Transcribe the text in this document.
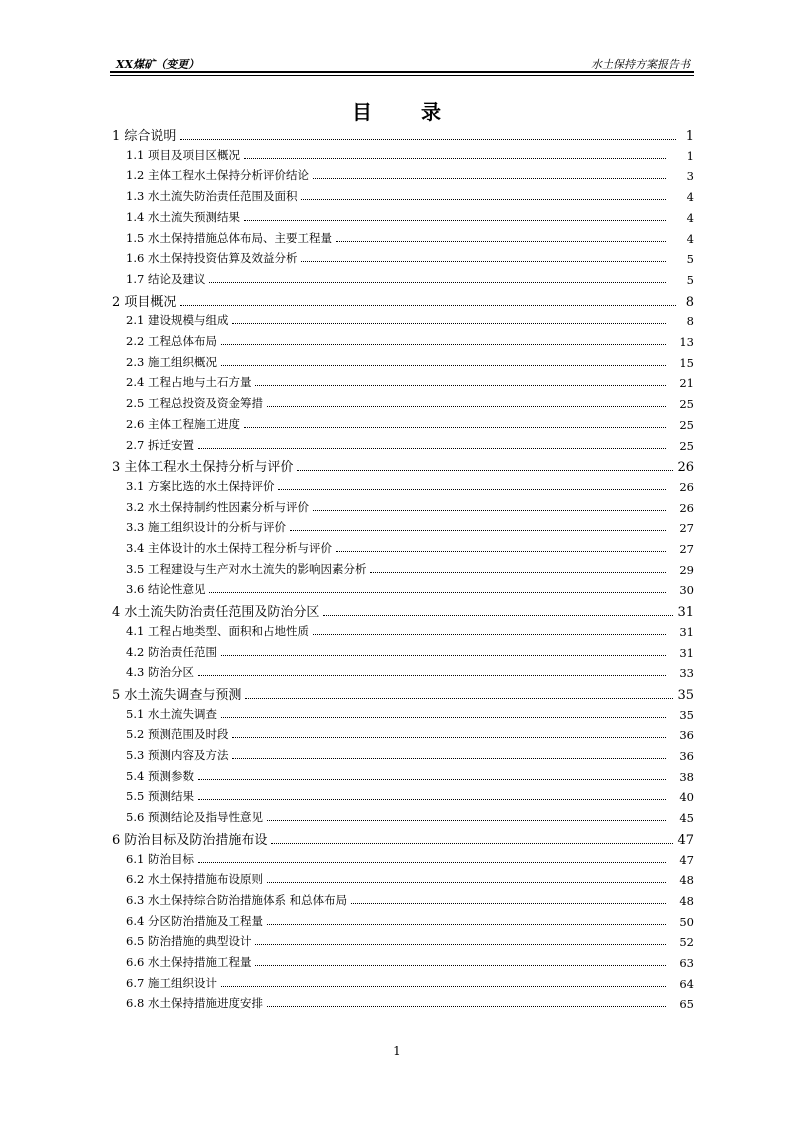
XX煤矿（变更）	水土保持方案报告书
目 录
1 综合说明	1
1.1 项目及项目区概况	1
1.2 主体工程水土保持分析评价结论	3
1.3 水土流失防治责任范围及面积	4
1.4 水土流失预测结果	4
1.5 水土保持措施总体布局、主要工程量	4
1.6 水土保持投资估算及效益分析	5
1.7 结论及建议	5
2 项目概况	8
2.1 建设规模与组成	8
2.2 工程总体布局	13
2.3 施工组织概况	15
2.4 工程占地与土石方量	21
2.5 工程总投资及资金筹措	25
2.6 主体工程施工进度	25
2.7 拆迁安置	25
3 主体工程水土保持分析与评价	26
3.1 方案比选的水土保持评价	26
3.2 水土保持制约性因素分析与评价	26
3.3 施工组织设计的分析与评价	27
3.4 主体设计的水土保持工程分析与评价	27
3.5 工程建设与生产对水土流失的影响因素分析	29
3.6 结论性意见	30
4 水土流失防治责任范围及防治分区	31
4.1 工程占地类型、面积和占地性质	31
4.2 防治责任范围	31
4.3 防治分区	33
5 水土流失调查与预测	35
5.1 水土流失调查	35
5.2 预测范围及时段	36
5.3 预测内容及方法	36
5.4 预测参数	38
5.5 预测结果	40
5.6 预测结论及指导性意见	45
6 防治目标及防治措施布设	47
6.1 防治目标	47
6.2 水土保持措施布设原则	48
6.3 水土保持综合防治措施体系 和总体布局	48
6.4 分区防治措施及工程量	50
6.5 防治措施的典型设计	52
6.6 水土保持措施工程量	63
6.7 施工组织设计	64
6.8 水土保持措施进度安排	65
1
